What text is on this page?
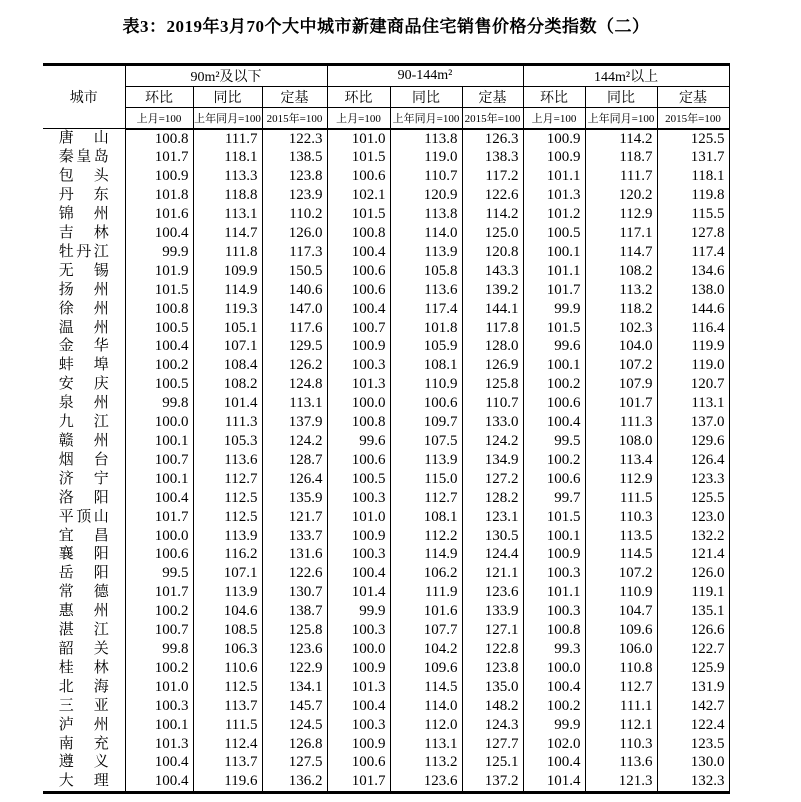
表3：2019年3月70个大中城市新建商品住宅销售价格分类指数（二）
城市	90m²及以下			90-144m²			144m²以上		
	环比	同比	定基	环比	同比	定基	环比	同比	定基
	上月=100	上年同月=100	2015年=100	上月=100	上年同月=100	2015年=100	上月=100	上年同月=100	2015年=100

唐 山	100.8	111.7	122.3	101.0	113.8	126.3	100.9	114.2	125.5

秦 皇 岛	101.7	118.1	138.5	101.5	119.0	138.3	100.9	118.7	131.7

包 头	100.9	113.3	123.8	100.6	110.7	117.2	101.1	111.7	118.1

丹 东	101.8	118.8	123.9	102.1	120.9	122.6	101.3	120.2	119.8

锦 州	101.6	113.1	110.2	101.5	113.8	114.2	101.2	112.9	115.5

吉 林	100.4	114.7	126.0	100.8	114.0	125.0	100.5	117.1	127.8

牡 丹 江	99.9	111.8	117.3	100.4	113.9	120.8	100.1	114.7	117.4

无 锡	101.9	109.9	150.5	100.6	105.8	143.3	101.1	108.2	134.6

扬 州	101.5	114.9	140.6	100.6	113.6	139.2	101.7	113.2	138.0

徐 州	100.8	119.3	147.0	100.4	117.4	144.1	99.9	118.2	144.6

温 州	100.5	105.1	117.6	100.7	101.8	117.8	101.5	102.3	116.4

金 华	100.4	107.1	129.5	100.9	105.9	128.0	99.6	104.0	119.9

蚌 埠	100.2	108.4	126.2	100.3	108.1	126.9	100.1	107.2	119.0

安 庆	100.5	108.2	124.8	101.3	110.9	125.8	100.2	107.9	120.7

泉 州	99.8	101.4	113.1	100.0	100.6	110.7	100.6	101.7	113.1

九 江	100.0	111.3	137.9	100.8	109.7	133.0	100.4	111.3	137.0

赣 州	100.1	105.3	124.2	99.6	107.5	124.2	99.5	108.0	129.6

烟 台	100.7	113.6	128.7	100.6	113.9	134.9	100.2	113.4	126.4

济 宁	100.1	112.7	126.4	100.5	115.0	127.2	100.6	112.9	123.3

洛 阳	100.4	112.5	135.9	100.3	112.7	128.2	99.7	111.5	125.5

平 顶 山	101.7	112.5	121.7	101.0	108.1	123.1	101.5	110.3	123.0

宜 昌	100.0	113.9	133.7	100.9	112.2	130.5	100.1	113.5	132.2

襄 阳	100.6	116.2	131.6	100.3	114.9	124.4	100.9	114.5	121.4

岳 阳	99.5	107.1	122.6	100.4	106.2	121.1	100.3	107.2	126.0

常 德	101.7	113.9	130.7	101.4	111.9	123.6	101.1	110.9	119.1

惠 州	100.2	104.6	138.7	99.9	101.6	133.9	100.3	104.7	135.1

湛 江	100.7	108.5	125.8	100.3	107.7	127.1	100.8	109.6	126.6

韶 关	99.8	106.3	123.6	100.0	104.2	122.8	99.3	106.0	122.7

桂 林	100.2	110.6	122.9	100.9	109.6	123.8	100.0	110.8	125.9

北 海	101.0	112.5	134.1	101.3	114.5	135.0	100.4	112.7	131.9

三 亚	100.3	113.7	145.7	100.4	114.0	148.2	100.2	111.1	142.7

泸 州	100.1	111.5	124.5	100.3	112.0	124.3	99.9	112.1	122.4

南 充	101.3	112.4	126.8	100.9	113.1	127.7	102.0	110.3	123.5

遵 义	100.4	113.7	127.5	100.6	113.2	125.1	100.4	113.6	130.0

大 理	100.4	119.6	136.2	101.7	123.6	137.2	101.4	121.3	132.3
